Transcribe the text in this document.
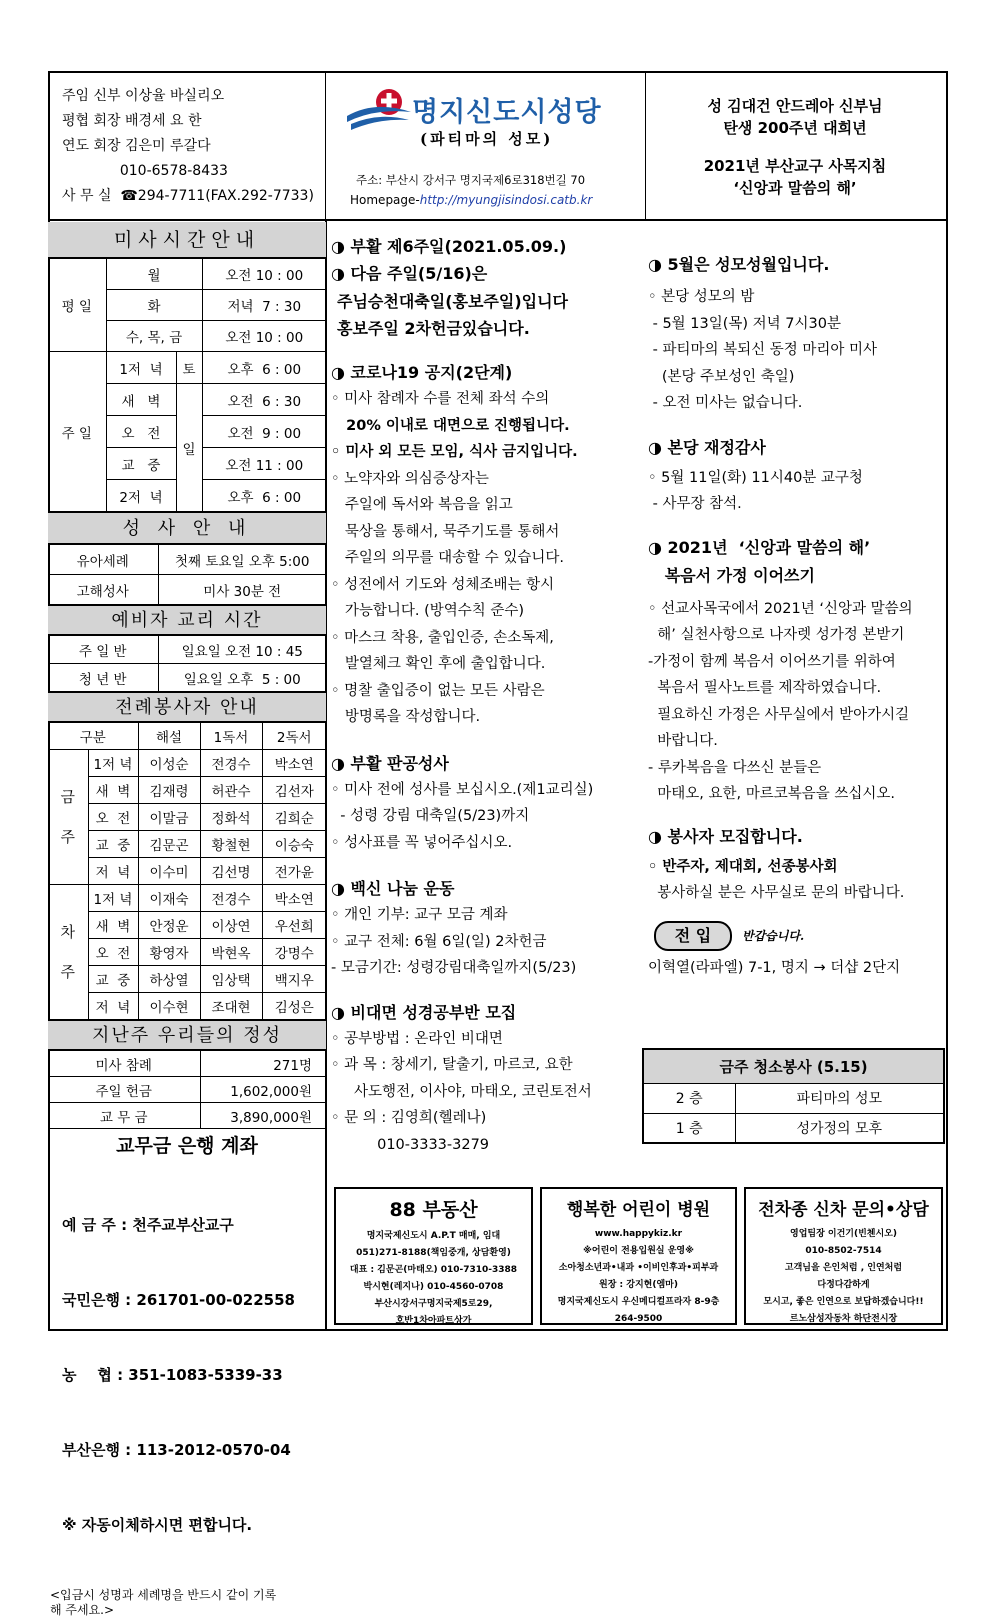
주임 신부 이상율 바실리오
평협 회장 배경세 요 한
연도 회장 김은미 루갈다
010-6578-8433
사 무 실  ☎294-7711(FAX.292-7733)
명지신도시성당
(파티마의 성모)
주소: 부산시 강서구 명지국제6로318번길 70
Homepage-http://myungjisindosi.catb.kr
성 김대건 안드레아 신부님
탄생 200주년 대희년
2021년 부산교구 사목지침
‘신앙과 말씀의 해’
미사시간안내
평 일	월		오전 10 : 00
	화		저녁  7 : 30
	수, 목, 금		오전 10 : 00
주 일	1저  녁	토	오후  6 : 00
	새   벽	일	오전  6 : 30
	오   전		오전  9 : 00
	교   중		오전 11 : 00
	2저  녁		오후  6 : 00
성 사 안 내
유아세례	첫째 토요일 오후 5:00
고해성사	미사 30분 전
예비자 교리 시간
주 일 반	일요일 오전 10 : 45
청 년 반	일요일 오후  5 : 00
전례봉사자 안내
구분		해설	1독서	2독서
금
주	1저 녁	이성순	전경수	박소연
	새  벽	김재령	허관수	김선자
	오  전	이말금	정화석	김희순
	교  중	김문곤	황철현	이승숙
	저  녁	이수미	김선명	전가윤
차
주	1저 녁	이재숙	전경수	박소연
	새  벽	안정운	이상연	우선희
	오  전	황영자	박현옥	강명수
	교  중	하상열	임상택	백지우
	저  녁	이수현	조대현	김성은
지난주 우리들의 정성
미사 참례	271명
주일 헌금	1,602,000원
교 무 금	3,890,000원
교무금 은행 계좌

예 금 주 : 천주교부산교구

국민은행 : 261701-00-022558

농    협 : 351-1083-5339-33

부산은행 : 113-2012-0570-04

※ 자동이체하시면 편합니다.

<입금시 성명과 세례명을 반드시 같이 기록
해 주세요.>
◑ 부활 제6주일(2021.05.09.)
◑ 다음 주일(5/16)은
주님승천대축일(홍보주일)입니다
홍보주일 2차헌금있습니다.
◑ 코로나19 공지(2단계)
◦ 미사 참례자 수를 전체 좌석 수의
20% 이내로 대면으로 진행됩니다.
◦ 미사 외 모든 모임, 식사 금지입니다.
◦ 노약자와 의심증상자는
주일에 독서와 복음을 읽고
묵상을 통해서, 묵주기도를 통해서
주일의 의무를 대송할 수 있습니다.
◦ 성전에서 기도와 성체조배는 항시
가능합니다. (방역수칙 준수)
◦ 마스크 착용, 출입인증, 손소독제,
발열체크 확인 후에 출입합니다.
◦ 명찰 출입증이 없는 모든 사람은
방명록을 작성합니다.
◑ 부활 판공성사
◦ 미사 전에 성사를 보십시오.(제1교리실)
- 성령 강림 대축일(5/23)까지
◦ 성사표를 꼭 넣어주십시오.
◑ 백신 나눔 운동
◦ 개인 기부: 교구 모금 계좌
◦ 교구 전체: 6월 6일(일) 2차헌금
- 모금기간: 성령강림대축일까지(5/23)
◑ 비대면 성경공부반 모집
◦ 공부방법 : 온라인 비대면
◦ 과 목 : 창세기, 탈출기, 마르코, 요한
사도행전, 이사야, 마태오, 코린토전서
◦ 문 의 : 김영희(헬레나)
010-3333-3279
◑ 5월은 성모성월입니다.
◦ 본당 성모의 밤
- 5월 13일(목) 저녁 7시30분
- 파티마의 복되신 동정 마리아 미사
(본당 주보성인 축일)
- 오전 미사는 없습니다.
◑ 본당 재정감사
◦ 5월 11일(화) 11시40분 교구청
- 사무장 참석.
◑ 2021년  ‘신앙과 말씀의 해’
복음서 가정 이어쓰기
◦ 선교사목국에서 2021년 ‘신앙과 말씀의
해’ 실천사항으로 나자렛 성가정 본받기
-가정이 함께 복음서 이어쓰기를 위하여
복음서 필사노트를 제작하였습니다.
필요하신 가정은 사무실에서 받아가시길
바랍니다.
- 루카복음을 다쓰신 분들은
마태오, 요한, 마르코복음을 쓰십시오.
◑ 봉사자 모집합니다.
◦ 반주자, 제대회, 선종봉사회
봉사하실 분은 사무실로 문의 바랍니다.
전 입	반갑습니다.
이혁열(라파엘) 7-1, 명지 → 더샵 2단지
금주 청소봉사 (5.15)	
2 층	파티마의 성모
1 층	성가정의 모후
88 부동산
명지국제신도시 A.P.T 매매, 임대
051)271-8188(책임중개, 상담환영)
대표 : 김문곤(마태오) 010-7310-3388
박시현(레지나) 010-4560-0708
부산시강서구명지국제5로29,
호반1차아파트상가
행복한 어린이 병원
www.happykiz.kr
※어린이 전용입원실 운영※
소아청소년과•내과 •이비인후과•피부과
원장 : 강지현(엠마)
명지국제신도시 우신메디컬프라자 8-9층
264-9500
전차종 신차 문의•상담
영업팀장 이건기(빈첸시오)
010-8502-7514
고객님을 은인처럼 , 인연처럼
다정다감하게
모시고, 좋은 인연으로 보답하겠습니다!!
르노삼성자동차 하단전시장
